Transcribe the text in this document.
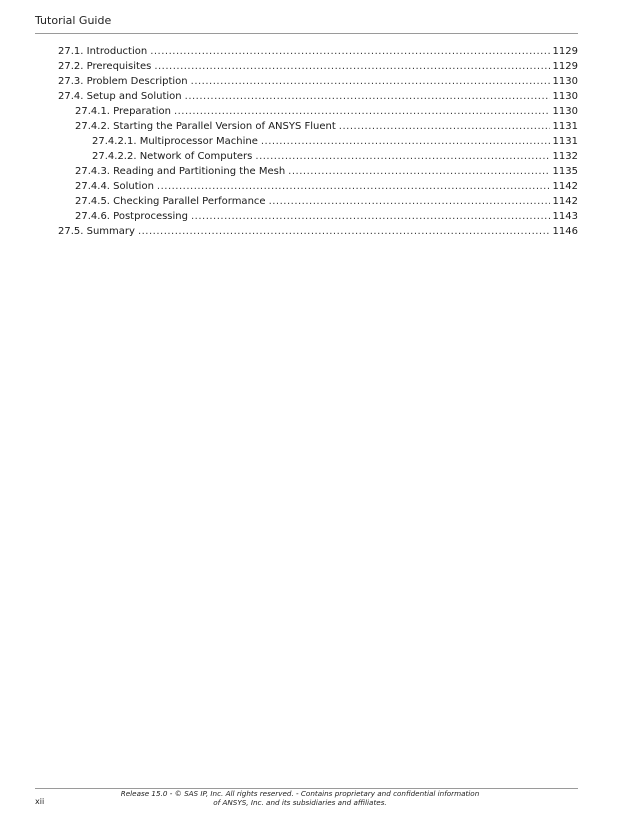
Tutorial Guide
27.1. Introduction .....	1129
27.2. Prerequisites .....	1129
27.3. Problem Description .....	1130
27.4. Setup and Solution .....	1130
27.4.1. Preparation .....	1130
27.4.2. Starting the Parallel Version of ANSYS Fluent .....	1131
27.4.2.1. Multiprocessor Machine .....	1131
27.4.2.2. Network of Computers .....	1132
27.4.3. Reading and Partitioning the Mesh .....	1135
27.4.4. Solution .....	1142
27.4.5. Checking Parallel Performance .....	1142
27.4.6. Postprocessing .....	1143
27.5. Summary .....	1146
xii
Release 15.0 - © SAS IP, Inc. All rights reserved. - Contains proprietary and confidential information
of ANSYS, Inc. and its subsidiaries and affiliates.
